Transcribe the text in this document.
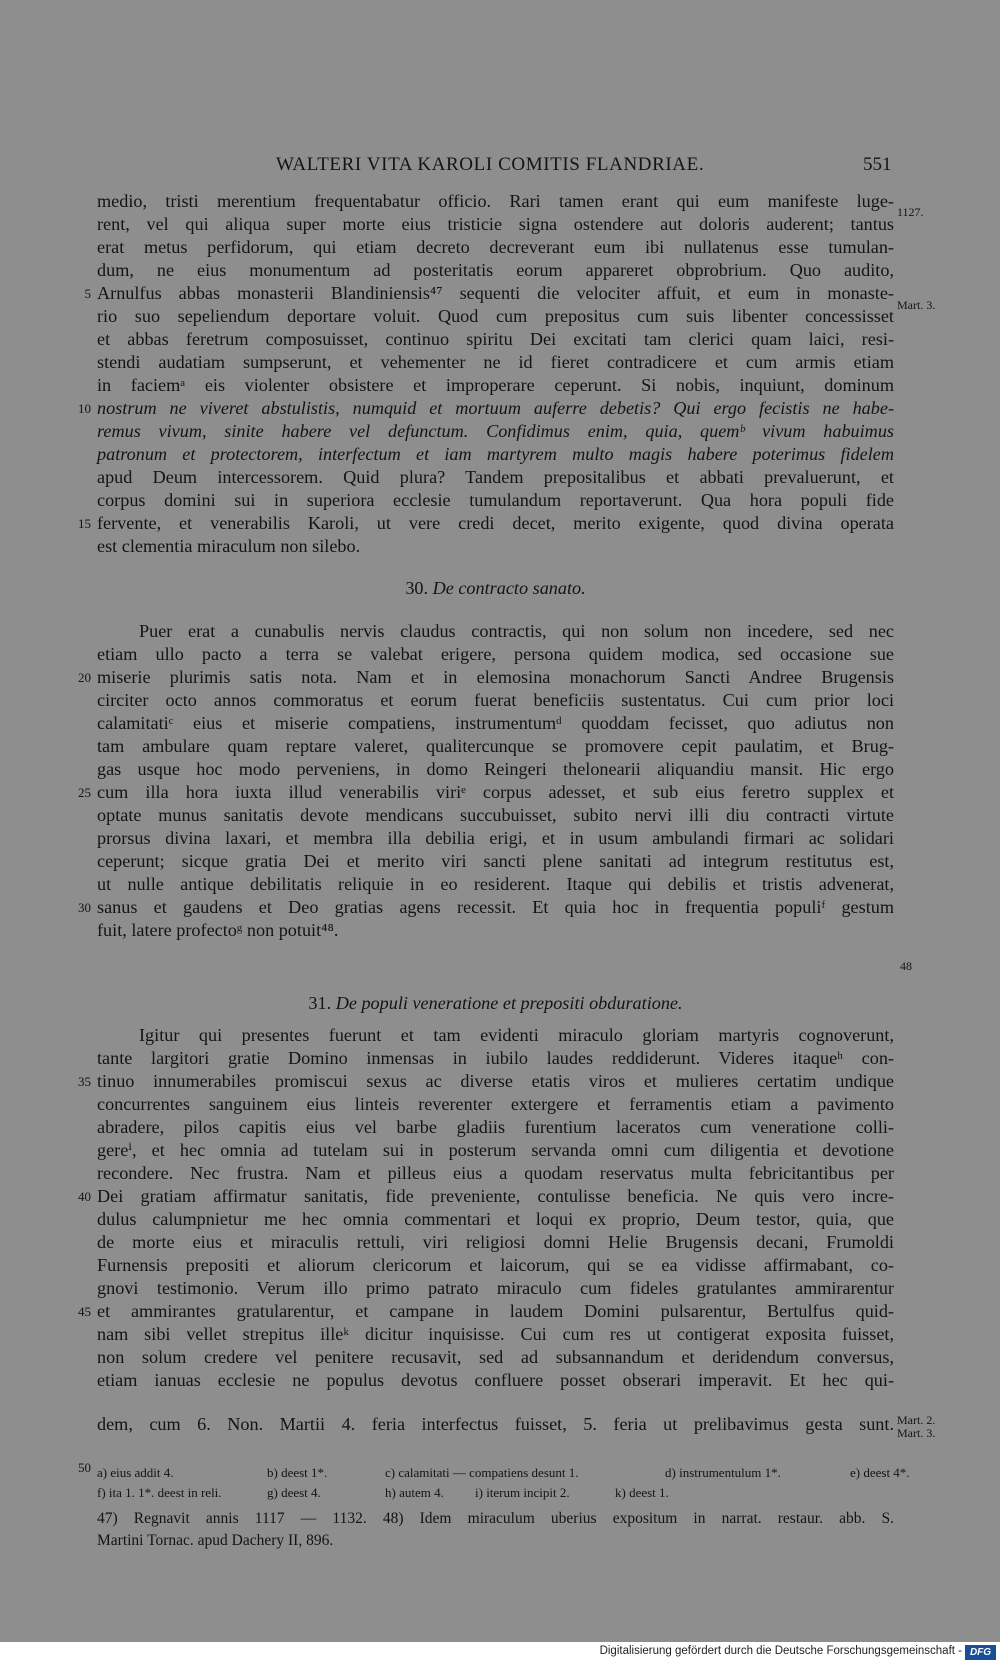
WALTERI VITA KAROLI COMITIS FLANDRIAE.	551
medio, tristi merentium frequentabatur officio. Rari tamen erant qui eum manifeste luge-
rent, vel qui aliqua super morte eius tristicie signa ostendere aut doloris auderent; tantus
erat metus perfidorum, qui etiam decreto decreverant eum ibi nullatenus esse tumulan-
dum, ne eius monumentum ad posteritatis eorum appareret obprobrium. Quo audito,
Arnulfus abbas monasterii Blandiniensis⁴⁷ sequenti die velociter affuit, et eum in monaste-
rio suo sepeliendum deportare voluit. Quod cum prepositus cum suis libenter concessisset
et abbas feretrum composuisset, continuo spiritu Dei excitati tam clerici quam laici, resi-
stendi audatiam sumpserunt, et vehementer ne id fieret contradicere et cum armis etiam
in faciemᵃ eis violenter obsistere et improperare ceperunt. Si nobis, inquiunt, dominum
nostrum ne viveret abstulistis, numquid et mortuum auferre debetis? Qui ergo fecistis ne habe-
remus vivum, sinite habere vel defunctum. Confidimus enim, quia, quemᵇ vivum habuimus
patronum et protectorem, interfectum et iam martyrem multo magis habere poterimus fidelem
apud Deum intercessorem. Quid plura? Tandem prepositalibus et abbati prevaluerunt, et
corpus domini sui in superiora ecclesie tumulandum reportaverunt. Qua hora populi fide
fervente, et venerabilis Karoli, ut vere credi decet, merito exigente, quod divina operata
est clementia miraculum non silebo.
30. De contracto sanato.
Puer erat a cunabulis nervis claudus contractis, qui non solum non incedere, sed nec
etiam ullo pacto a terra se valebat erigere, persona quidem modica, sed occasione sue
miserie plurimis satis nota. Nam et in elemosina monachorum Sancti Andree Brugensis
circiter octo annos commoratus et eorum fuerat beneficiis sustentatus. Cui cum prior loci
calamitatiᶜ eius et miserie compatiens, instrumentumᵈ quoddam fecisset, quo adiutus non
tam ambulare quam reptare valeret, qualitercunque se promovere cepit paulatim, et Brug-
gas usque hoc modo perveniens, in domo Reingeri thelonearii aliquandiu mansit. Hic ergo
cum illa hora iuxta illud venerabilis viriᵉ corpus adesset, et sub eius feretro supplex et
optate munus sanitatis devote mendicans succubuisset, subito nervi illi diu contracti virtute
prorsus divina laxari, et membra illa debilia erigi, et in usum ambulandi firmari ac solidari
ceperunt; sicque gratia Dei et merito viri sancti plene sanitati ad integrum restitutus est,
ut nulle antique debilitatis reliquie in eo residerent. Itaque qui debilis et tristis advenerat,
sanus et gaudens et Deo gratias agens recessit. Et quia hoc in frequentia populiᶠ gestum
fuit, latere profectoᵍ non potuit⁴⁸.
31. De populi veneratione et prepositi obduratione.
Igitur qui presentes fuerunt et tam evidenti miraculo gloriam martyris cognoverunt,
tante largitori gratie Domino inmensas in iubilo laudes reddiderunt. Videres itaqueʰ con-
tinuo innumerabiles promiscui sexus ac diverse etatis viros et mulieres certatim undique
concurrentes sanguinem eius linteis reverenter extergere et ferramentis etiam a pavimento
abradere, pilos capitis eius vel barbe gladiis furentium laceratos cum veneratione colli-
gereⁱ, et hec omnia ad tutelam sui in posterum servanda omni cum diligentia et devotione
recondere. Nec frustra. Nam et pilleus eius a quodam reservatus multa febricitantibus per
Dei gratiam affirmatur sanitatis, fide preveniente, contulisse beneficia. Ne quis vero incre-
dulus calumpnietur me hec omnia commentari et loqui ex proprio, Deum testor, quia, que
de morte eius et miraculis rettuli, viri religiosi domni Helie Brugensis decani, Frumoldi
Furnensis prepositi et aliorum clericorum et laicorum, qui se ea vidisse affirmabant, co-
gnovi testimonio. Verum illo primo patrato miraculo cum fideles gratulantes ammirarentur
et ammirantes gratularentur, et campane in laudem Domini pulsarentur, Bertulfus quid-
nam sibi vellet strepitus illeᵏ dicitur inquisisse. Cui cum res ut contigerat exposita fuisset,
non solum credere vel penitere recusavit, sed ad subsannandum et deridendum conversus,
etiam ianuas ecclesie ne populus devotus confluere posset obserari imperavit. Et hec qui-
dem, cum 6. Non. Martii 4. feria interfectus fuisset, 5. feria ut prelibavimus gesta sunt.
5
10
15
20
25
30
35
40
45
50
1127.
Mart. 3.
48
Mart. 2.
Mart. 3.
a) eius addit 4.	b) deest 1*.	c) calamitati — compatiens desunt 1.	d) instrumentulum 1*.	e) deest 4*.
f) ita 1. 1*. deest in reli.	g) deest 4.	h) autem 4. i) iterum incipit 2.	k) deest 1.
47) Regnavit annis 1117 — 1132. 48) Idem miraculum uberius expositum in narrat. restaur. abb. S.
Martini Tornac. apud Dachery II, 896.
Digitalisierung gefördert durch die Deutsche Forschungsgemeinschaft - DFG
